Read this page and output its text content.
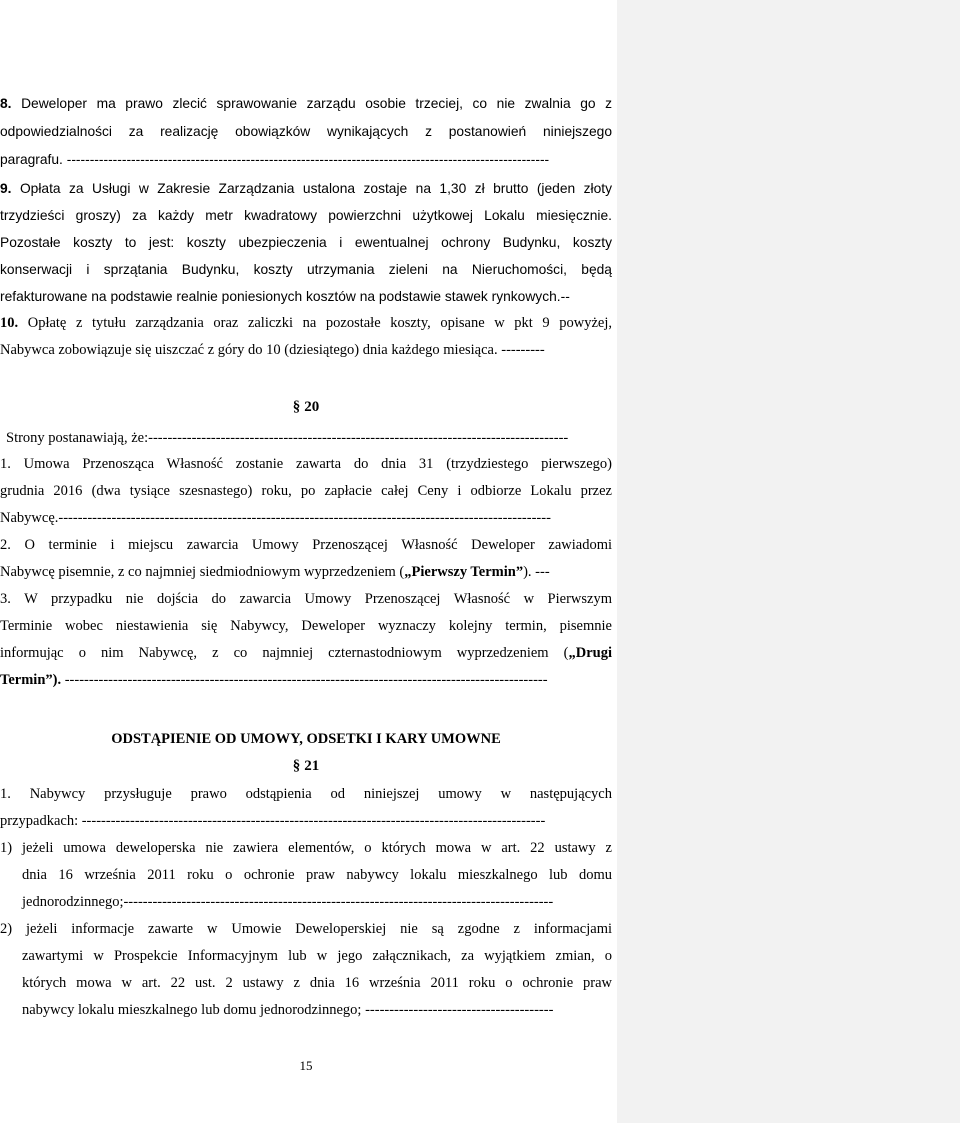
8. Deweloper ma prawo zlecić sprawowanie zarządu osobie trzeciej, co nie zwalnia go z
odpowiedzialności za realizację obowiązków wynikających z postanowień niniejszego
paragrafu. ---------------------------------------------------------------------------------------------------------
9. Opłata za Usługi w Zakresie Zarządzania ustalona zostaje na 1,30 zł brutto (jeden złoty
trzydzieści groszy) za każdy metr kwadratowy powierzchni użytkowej Lokalu miesięcznie.
Pozostałe koszty to jest: koszty ubezpieczenia i ewentualnej ochrony Budynku, koszty
konserwacji i sprzątania Budynku, koszty utrzymania zieleni na Nieruchomości, będą
refakturowane na podstawie realnie poniesionych kosztów na podstawie stawek rynkowych.--
10. Opłatę z tytułu zarządzania oraz zaliczki na pozostałe koszty, opisane w pkt 9 powyżej,
Nabywca zobowiązuje się uiszczać z góry do 10 (dziesiątego) dnia każdego miesiąca. ---------
§ 20
Strony postanawiają, że:---------------------------------------------------------------------------------------
1. Umowa Przenosząca Własność zostanie zawarta do dnia 31 (trzydziestego pierwszego)
grudnia 2016 (dwa tysiące szesnastego) roku, po zapłacie całej Ceny i odbiorze Lokalu przez
Nabywcę.------------------------------------------------------------------------------------------------------
2. O terminie i miejscu zawarcia Umowy Przenoszącej Własność Deweloper zawiadomi
Nabywcę pisemnie, z co najmniej siedmiodniowym wyprzedzeniem („Pierwszy Termin”). ---
3. W przypadku nie dojścia do zawarcia Umowy Przenoszącej Własność w Pierwszym
Terminie wobec niestawienia się Nabywcy, Deweloper wyznaczy kolejny termin, pisemnie
informując o nim Nabywcę, z co najmniej czternastodniowym wyprzedzeniem („Drugi
Termin”). ----------------------------------------------------------------------------------------------------
ODSTĄPIENIE OD UMOWY, ODSETKI I KARY UMOWNE
§ 21
1. Nabywcy przysługuje prawo odstąpienia od niniejszej umowy w następujących
przypadkach: ------------------------------------------------------------------------------------------------
1) jeżeli umowa deweloperska nie zawiera elementów, o których mowa w art. 22 ustawy z
dnia 16 września 2011 roku o ochronie praw nabywcy lokalu mieszkalnego lub domu
jednorodzinnego;-----------------------------------------------------------------------------------------
2) jeżeli informacje zawarte w Umowie Deweloperskiej nie są zgodne z informacjami
zawartymi w Prospekcie Informacyjnym lub w jego załącznikach, za wyjątkiem zmian, o
których mowa w art. 22 ust. 2 ustawy z dnia 16 września 2011 roku o ochronie praw
nabywcy lokalu mieszkalnego lub domu jednorodzinnego; ---------------------------------------
15
